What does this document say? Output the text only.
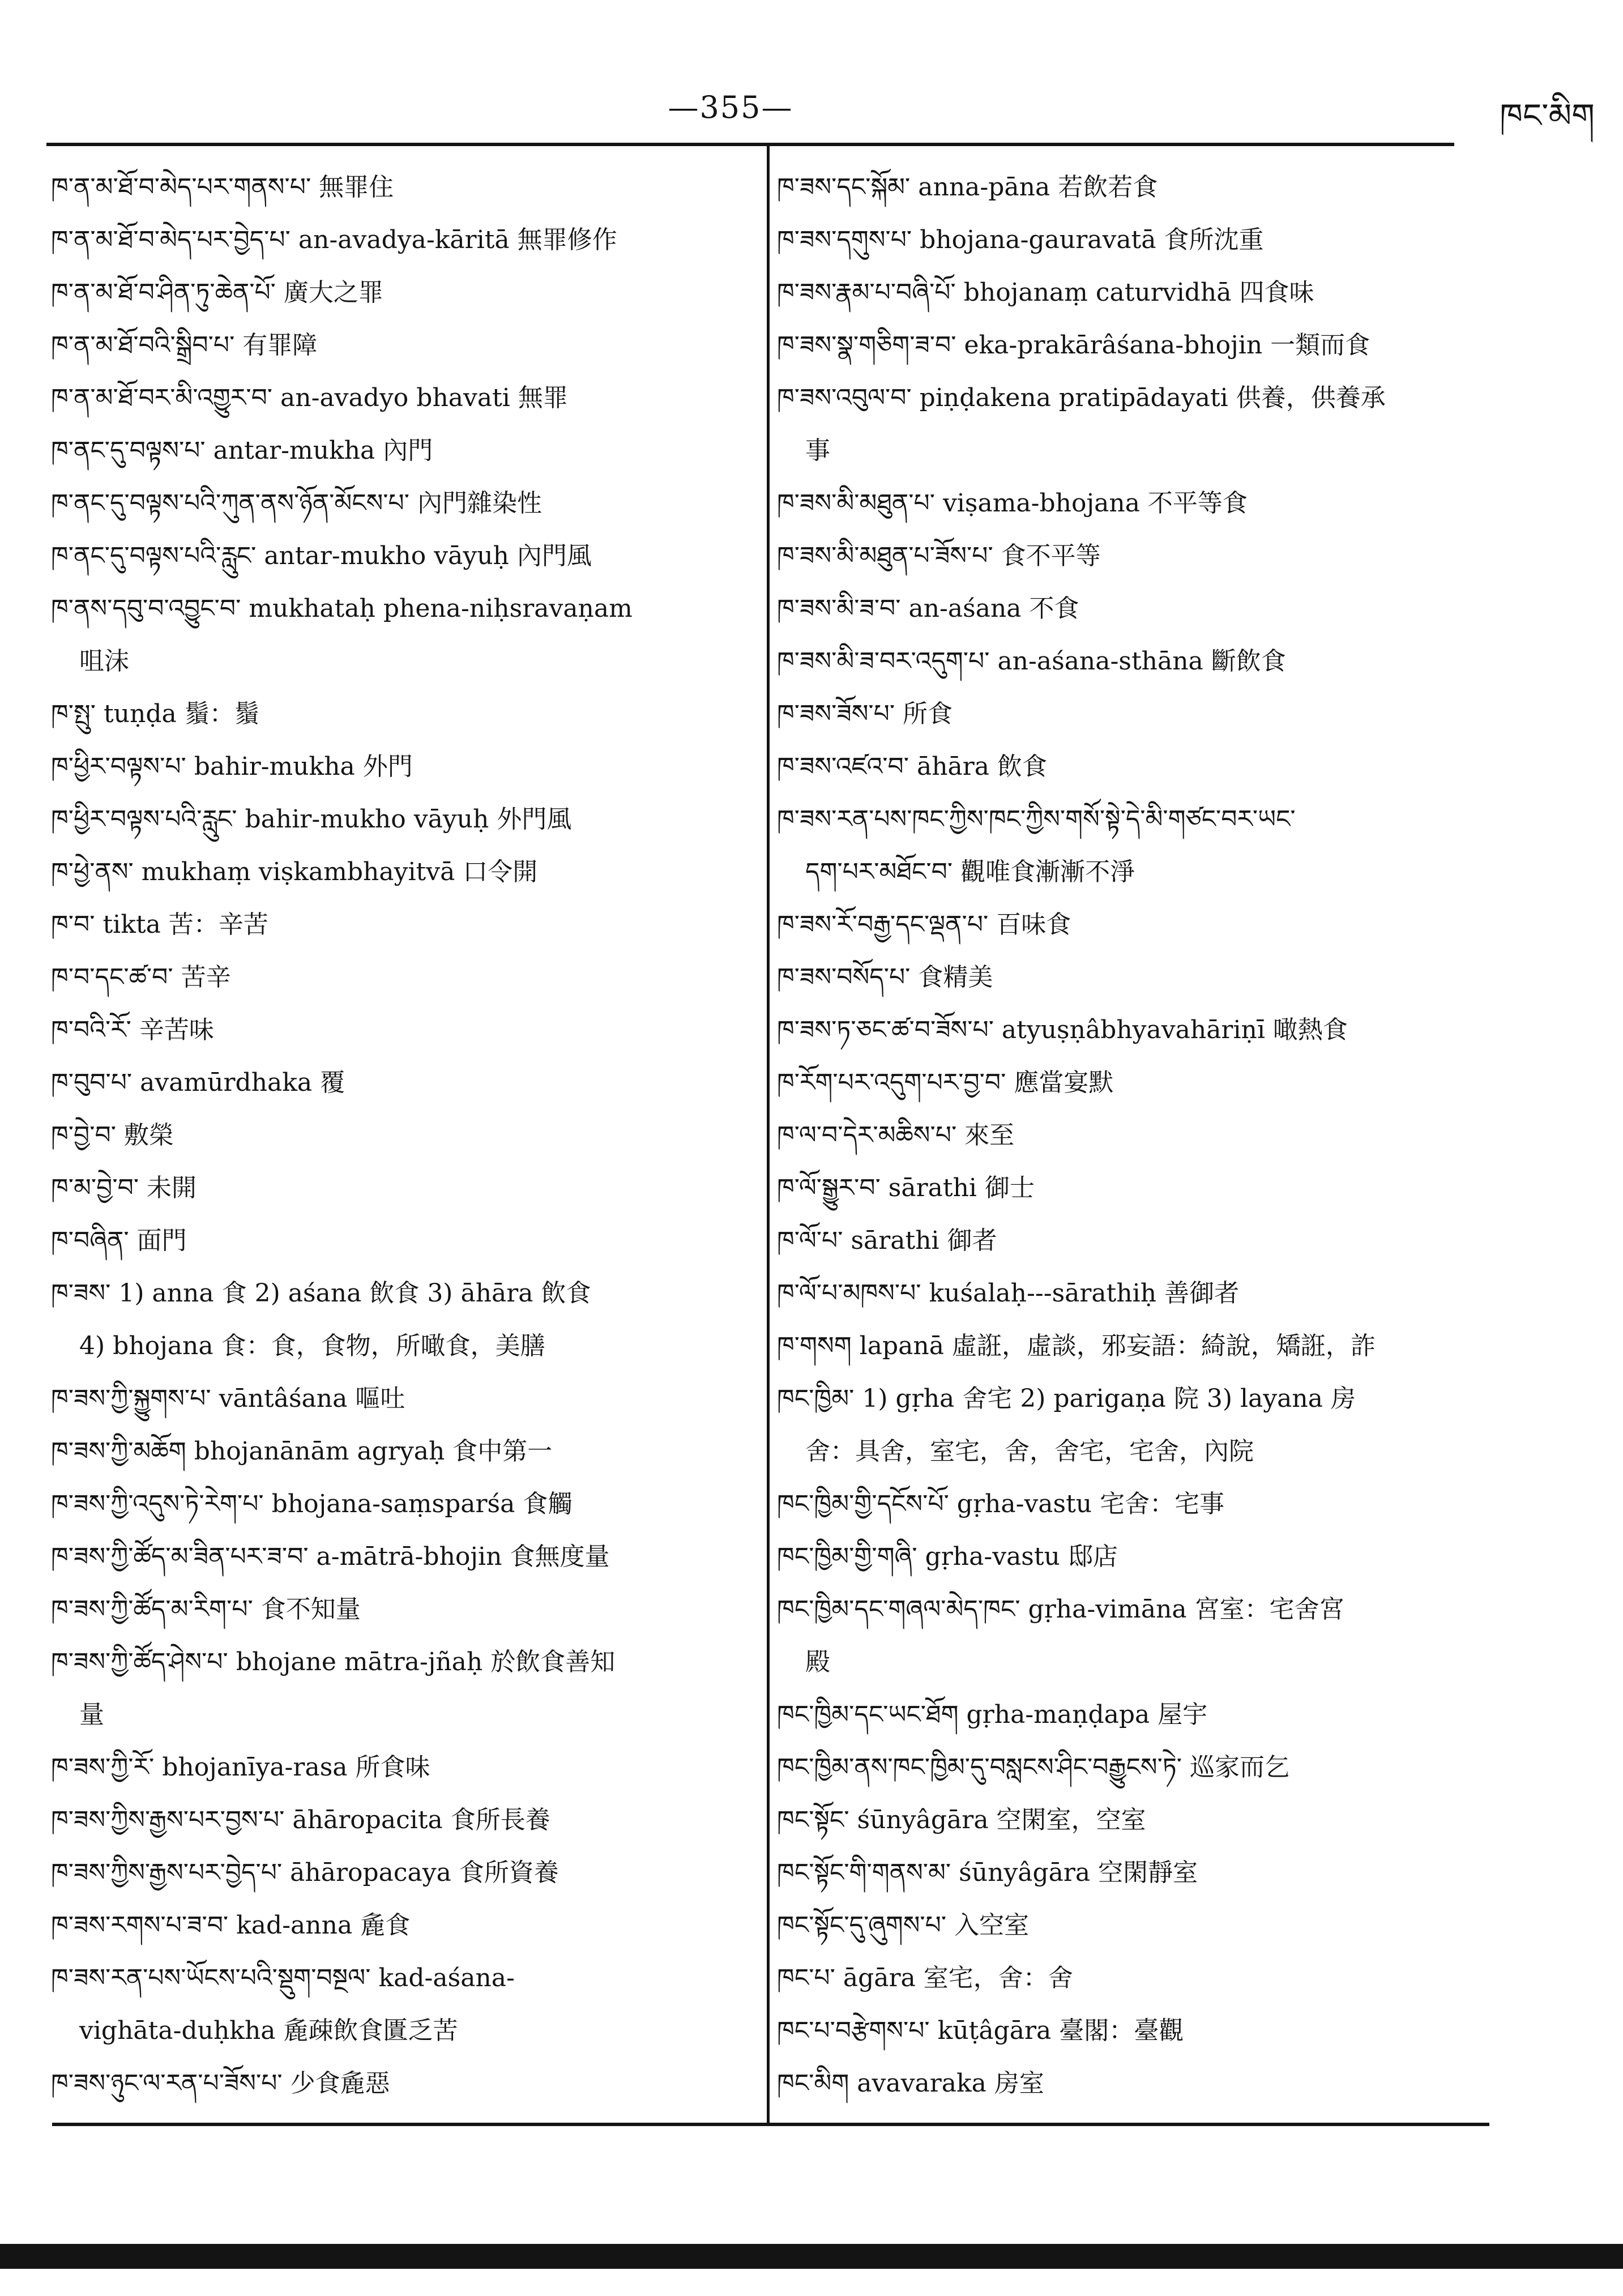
—355—	ཁང་མིག
ཁ་ན་མ་ཐོ་བ་མེད་པར་གནས་པ་ 無罪住
ཁ་ན་མ་ཐོ་བ་མེད་པར་བྱེད་པ་ an-avadya-kāritā 無罪修作
ཁ་ན་མ་ཐོ་བ་ཤིན་ཏུ་ཆེན་པོ་ 廣大之罪
ཁ་ན་མ་ཐོ་བའི་སྒྲིབ་པ་ 有罪障
ཁ་ན་མ་ཐོ་བར་མི་འགྱུར་བ་ an-avadyo bhavati 無罪
ཁ་ནང་དུ་བལྟས་པ་ antar-mukha 內門
ཁ་ནང་དུ་བལྟས་པའི་ཀུན་ནས་ཉོན་མོངས་པ་ 內門雜染性
ཁ་ནང་དུ་བལྟས་པའི་རླུང་ antar-mukho vāyuḥ 內門風
ཁ་ནས་དབུ་བ་འབྱུང་བ་ mukhataḥ phena-niḥsravaṇam
咀沫
ཁ་སྤུ་ tuṇḍa 鬚：鬚
ཁ་ཕྱིར་བལྟས་པ་ bahir-mukha 外門
ཁ་ཕྱིར་བལྟས་པའི་རླུང་ bahir-mukho vāyuḥ 外門風
ཁ་ཕྱེ་ནས་ mukhaṃ viṣkambhayitvā 口令開
ཁ་བ་ tikta 苦：辛苦
ཁ་བ་དང་ཚ་བ་ 苦辛
ཁ་བའི་རོ་ 辛苦味
ཁ་བུབ་པ་ avamūrdhaka 覆
ཁ་བྱེ་བ་ 敷榮
ཁ་མ་བྱེ་བ་ 未開
ཁ་བཞིན་ 面門
ཁ་ཟས་ 1) anna 食 2) aśana 飲食 3) āhāra 飲食
4) bhojana 食：食，食物，所噉食，美膳
ཁ་ཟས་ཀྱི་སྐྱུགས་པ་ vāntâśana 嘔吐
ཁ་ཟས་ཀྱི་མཆོག bhojanānām agryaḥ 食中第一
ཁ་ཟས་ཀྱི་འདུས་ཏེ་རེག་པ་ bhojana-saṃsparśa 食觸
ཁ་ཟས་ཀྱི་ཚོད་མ་ཟིན་པར་ཟ་བ་ a-mātrā-bhojin 食無度量
ཁ་ཟས་ཀྱི་ཚོད་མ་རིག་པ་ 食不知量
ཁ་ཟས་ཀྱི་ཚོད་ཤེས་པ་ bhojane mātra-jñaḥ 於飲食善知
量
ཁ་ཟས་ཀྱི་རོ་ bhojanīya-rasa 所食味
ཁ་ཟས་ཀྱིས་རྒྱས་པར་བྱས་པ་ āhāropacita 食所長養
ཁ་ཟས་ཀྱིས་རྒྱས་པར་བྱེད་པ་ āhāropacaya 食所資養
ཁ་ཟས་རགས་པ་ཟ་བ་ kad-anna 麁食
ཁ་ཟས་རན་པས་ཡོངས་པའི་སྡུག་བསྔལ་ kad-aśana-
vighāta-duḥkha 麁疎飲食匱乏苦
ཁ་ཟས་ཉུང་ལ་རན་པ་ཟོས་པ་ 少食麁惡
ཁ་ཟས་དང་སྐོམ་ anna-pāna 若飲若食
ཁ་ཟས་དགུས་པ་ bhojana-gauravatā 食所沈重
ཁ་ཟས་རྣམ་པ་བཞི་པོ་ bhojanaṃ caturvidhā 四食味
ཁ་ཟས་སྣ་གཅིག་ཟ་བ་ eka-prakārâśana-bhojin 一類而食
ཁ་ཟས་འབུལ་བ་ piṇḍakena pratipādayati 供養，供養承
事
ཁ་ཟས་མི་མཐུན་པ་ viṣama-bhojana 不平等食
ཁ་ཟས་མི་མཐུན་པ་ཟོས་པ་ 食不平等
ཁ་ཟས་མི་ཟ་བ་ an-aśana 不食
ཁ་ཟས་མི་ཟ་བར་འདུག་པ་ an-aśana-sthāna 斷飲食
ཁ་ཟས་ཟོས་པ་ 所食
ཁ་ཟས་འཛའ་བ་ āhāra 飲食
ཁ་ཟས་རན་པས་ཁང་ཀྱིས་ཁང་ཀྱིས་གསོ་སྟེ་དེ་མི་གཙང་བར་ཡང་
དག་པར་མཐོང་བ་ 觀唯食漸漸不淨
ཁ་ཟས་རོ་བརྒྱ་དང་ལྡན་པ་ 百味食
ཁ་ཟས་བསོད་པ་ 食精美
ཁ་ཟས་ཏ་ཅང་ཚ་བ་ཟོས་པ་ atyuṣṇâbhyavahāriṇī 噉熱食
ཁ་རོག་པར་འདུག་པར་བྱ་བ་ 應當宴默
ཁ་ལ་བ་དེར་མཆིས་པ་ 來至
ཁ་ལོ་སྒྱུར་བ་ sārathi 御士
ཁ་ལོ་པ་ sārathi 御者
ཁ་ལོ་པ་མཁས་པ་ kuśalaḥ---sārathiḥ 善御者
ཁ་གསག lapanā 虛誑，虛談，邪妄語：綺說，矯誑，詐
ཁང་ཁྱིམ་ 1) gṛha 舍宅 2) parigaṇa 院 3) layana 房
舍：具舍，室宅，舍，舍宅，宅舍，內院
ཁང་ཁྱིམ་གྱི་དངོས་པོ་ gṛha-vastu 宅舍：宅事
ཁང་ཁྱིམ་གྱི་གཞི་ gṛha-vastu 邸店
ཁང་ཁྱིམ་དང་གཞལ་མེད་ཁང་ gṛha-vimāna 宮室：宅舍宮
殿
ཁང་ཁྱིམ་དང་ཡང་ཐོག gṛha-maṇḍapa 屋宇
ཁང་ཁྱིམ་ནས་ཁང་ཁྱིམ་དུ་བསླངས་ཤིང་བརྒྱུངས་ཏེ་ 巡家而乞
ཁང་སྟོང་ śūnyâgāra 空閑室，空室
ཁང་སྟོང་གི་གནས་མ་ śūnyâgāra 空閑靜室
ཁང་སྟོང་དུ་ཞུགས་པ་ 入空室
ཁང་པ་ āgāra 室宅，舍：舍
ཁང་པ་བརྩེགས་པ་ kūṭâgāra 臺閣：臺觀
ཁང་མིག avavaraka 房室
